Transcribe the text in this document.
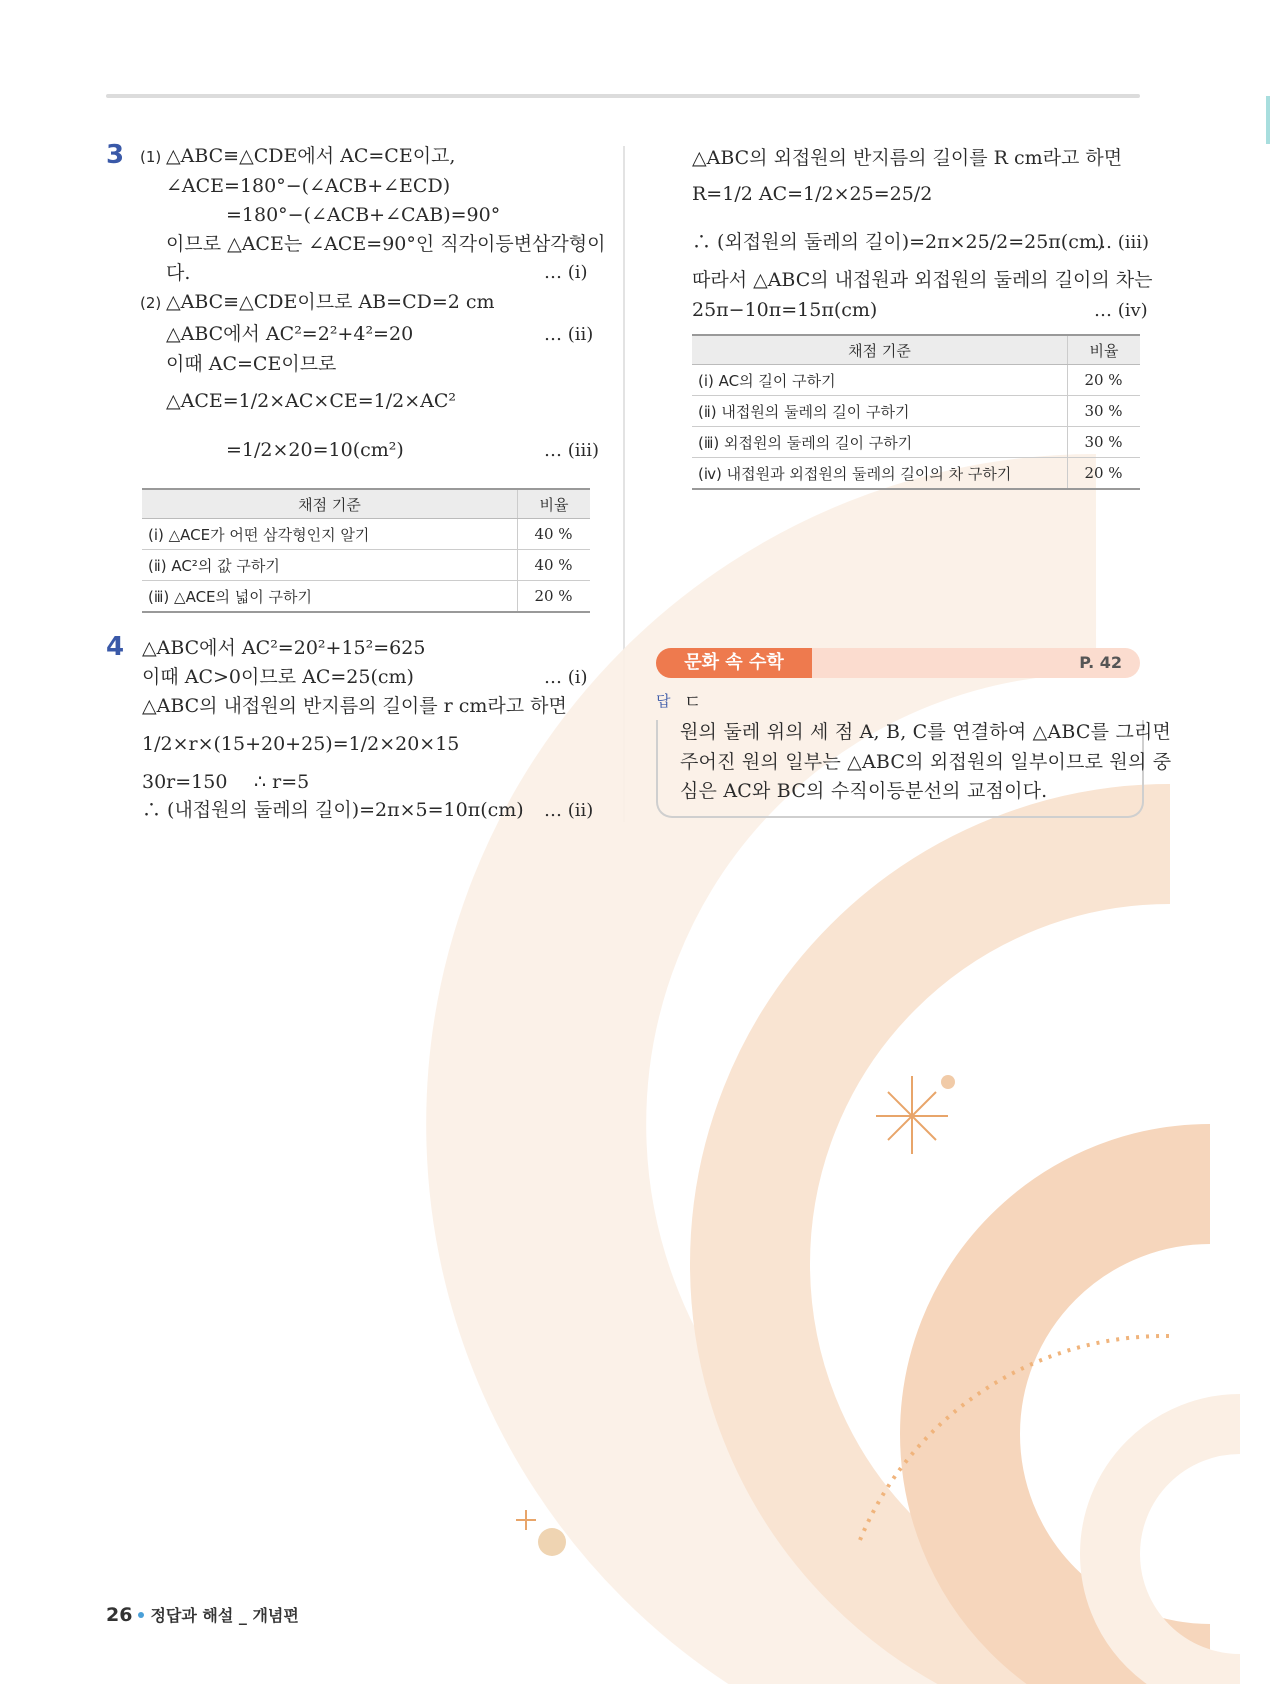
3 (1) △ABC≡△CDE에서 AC=CE이고,
∠ACE=180°−(∠ACB+∠ECD)
=180°−(∠ACB+∠CAB)=90°
이므로 △ACE는 ∠ACE=90°인 직각이등변삼각형이
다.	… (ⅰ)
(2) △ABC≡△CDE이므로 AB=CD=2 cm
△ABC에서 AC²=2²+4²=20	… (ⅱ)
이때 AC=CE이므로
△ACE=1/2×AC×CE=1/2×AC²
=1/2×20=10(cm²)	… (ⅲ)
채점 기준	비율
(ⅰ) △ACE가 어떤 삼각형인지 알기	40 %
(ⅱ) AC²의 값 구하기	40 %
(ⅲ) △ACE의 넓이 구하기	20 %
4 △ABC에서 AC²=20²+15²=625
이때 AC>0이므로 AC=25(cm)	… (ⅰ)
△ABC의 내접원의 반지름의 길이를 r cm라고 하면
1/2×r×(15+20+25)=1/2×20×15
30r=150 ∴ r=5
∴ (내접원의 둘레의 길이)=2π×5=10π(cm) … (ⅱ)
△ABC의 외접원의 반지름의 길이를 R cm라고 하면
R=1/2 AC=1/2×25=25/2
∴ (외접원의 둘레의 길이)=2π×25/2=25π(cm)
… (ⅲ)
따라서 △ABC의 내접원과 외접원의 둘레의 길이의 차는
25π−10π=15π(cm)	… (ⅳ)
채점 기준	비율
(ⅰ) AC의 길이 구하기	20 %
(ⅱ) 내접원의 둘레의 길이 구하기	30 %
(ⅲ) 외접원의 둘레의 길이 구하기	30 %
(ⅳ) 내접원과 외접원의 둘레의 길이의 차 구하기	20 %
문화 속 수학	P. 42
답 ㄷ
원의 둘레 위의 세 점 A, B, C를 연결하여 △ABC를 그리면
주어진 원의 일부는 △ABC의 외접원의 일부이므로 원의 중
심은 AC와 BC의 수직이등분선의 교점이다.
26 정답과 해설 _ 개념편
